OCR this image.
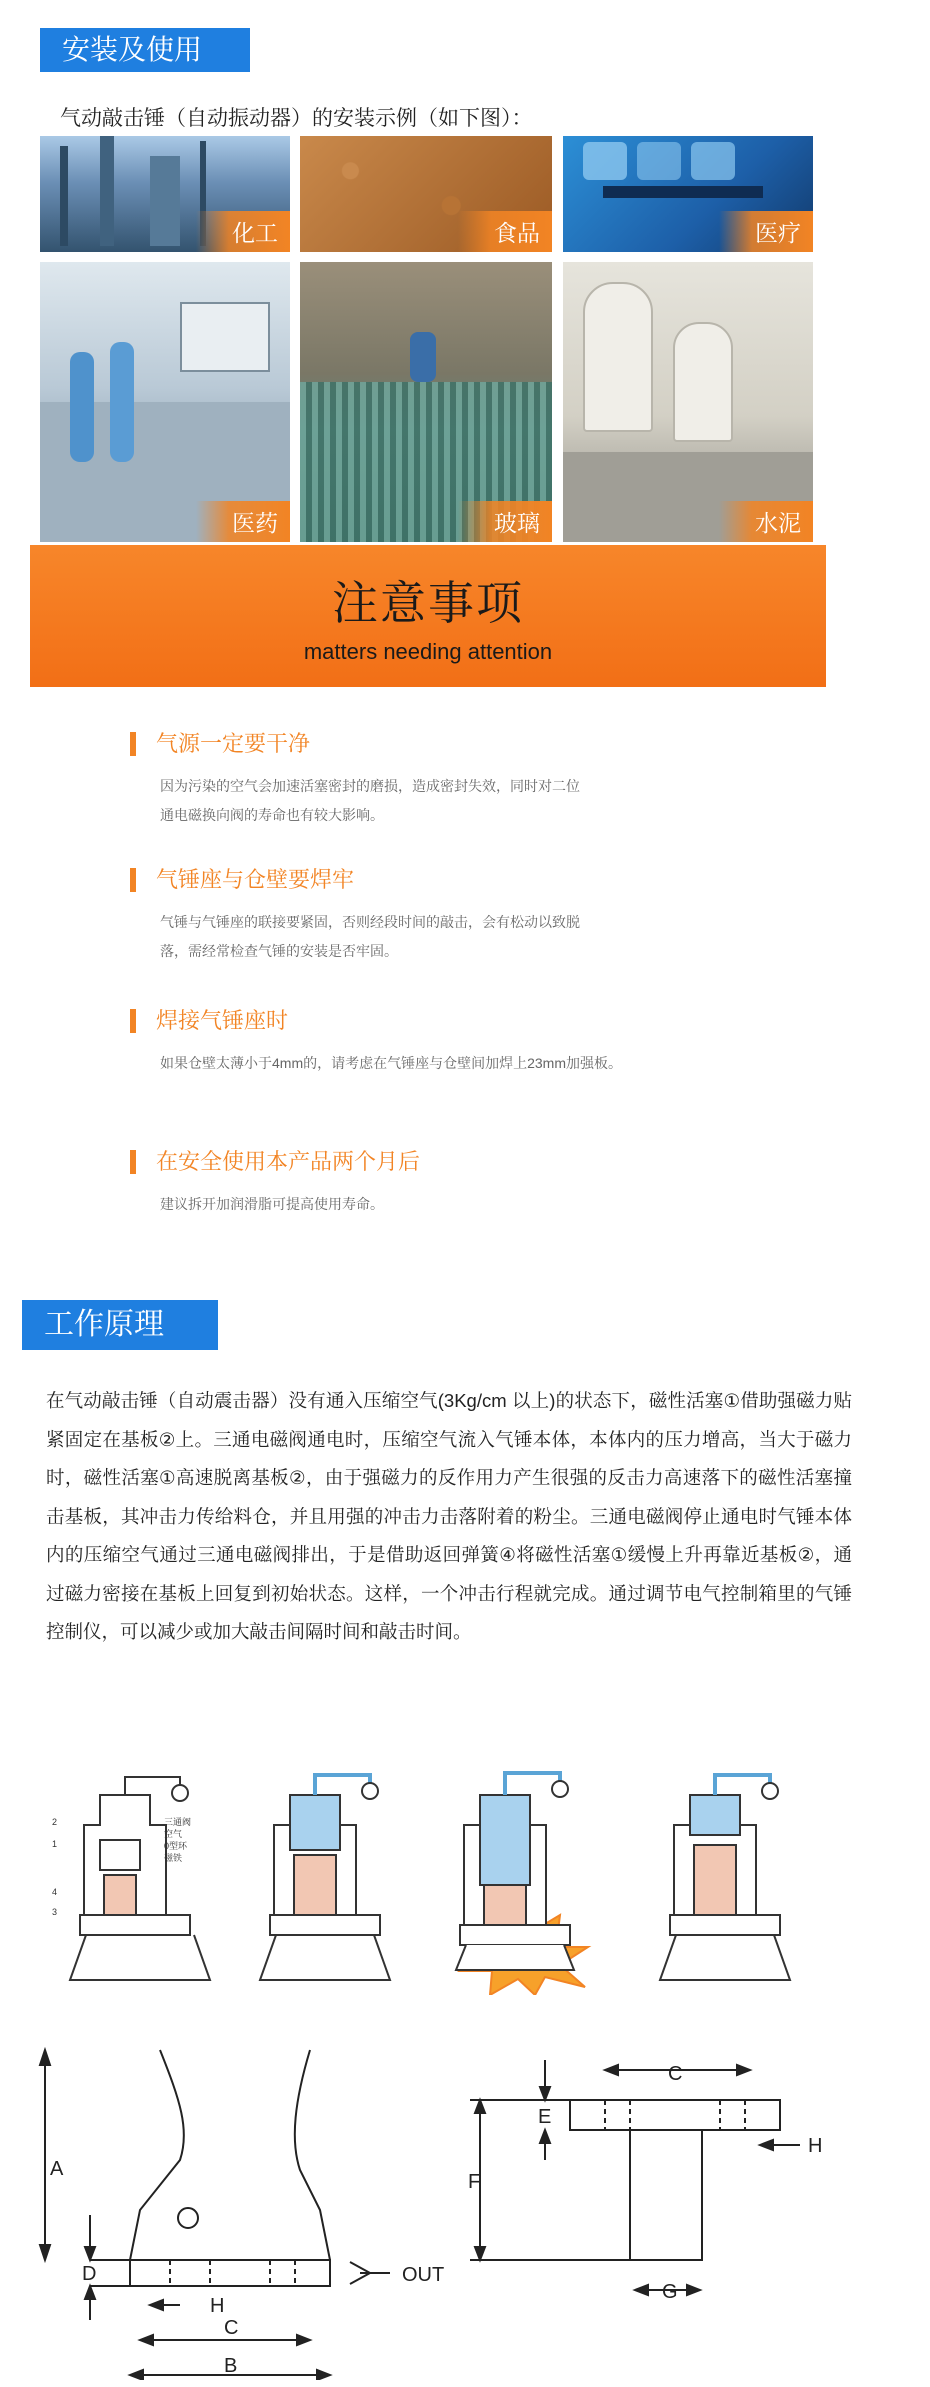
安装及使用
气动敲击锤（自动振动器）的安装示例（如下图）：
化工	食品	医疗
医药	玻璃	水泥
注意事项
matters needing attention
气源一定要干净
因为污染的空气会加速活塞密封的磨损，造成密封失效，同时对二位通电磁换向阀的寿命也有较大影响。
气锤座与仓壁要焊牢
气锤与气锤座的联接要紧固，否则经段时间的敲击，会有松动以致脱落，需经常检查气锤的安装是否牢固。
焊接气锤座时
如果仓壁太薄小于4mm的，请考虑在气锤座与仓壁间加焊上23mm加强板。
在安全使用本产品两个月后
建议拆开加润滑脂可提高使用寿命。
工作原理
在气动敲击锤（自动震击器）没有通入压缩空气(3Kg/cm 以上)的状态下，磁性活塞①借助强磁力贴紧固定在基板②上。三通电磁阀通电时，压缩空气流入气锤本体，本体内的压力增高，当大于磁力时，磁性活塞①高速脱离基板②，由于强磁力的反作用力产生很强的反击力高速落下的磁性活塞撞击基板，其冲击力传给料仓，并且用强的冲击力击落附着的粉尘。三通电磁阀停止通电时气锤本体内的压缩空气通过三通电磁阀排出，于是借助返回弹簧④将磁性活塞①缓慢上升再靠近基板②，通过磁力密接在基板上回复到初始状态。这样，一个冲击行程就完成。通过调节电气控制箱里的气锤控制仪，可以减少或加大敲击间隔时间和敲击时间。
2
1
4
3
三通阀
空气
0型环
磁铁
A
D
H
C
B
OUT
C
E
F
G
H
